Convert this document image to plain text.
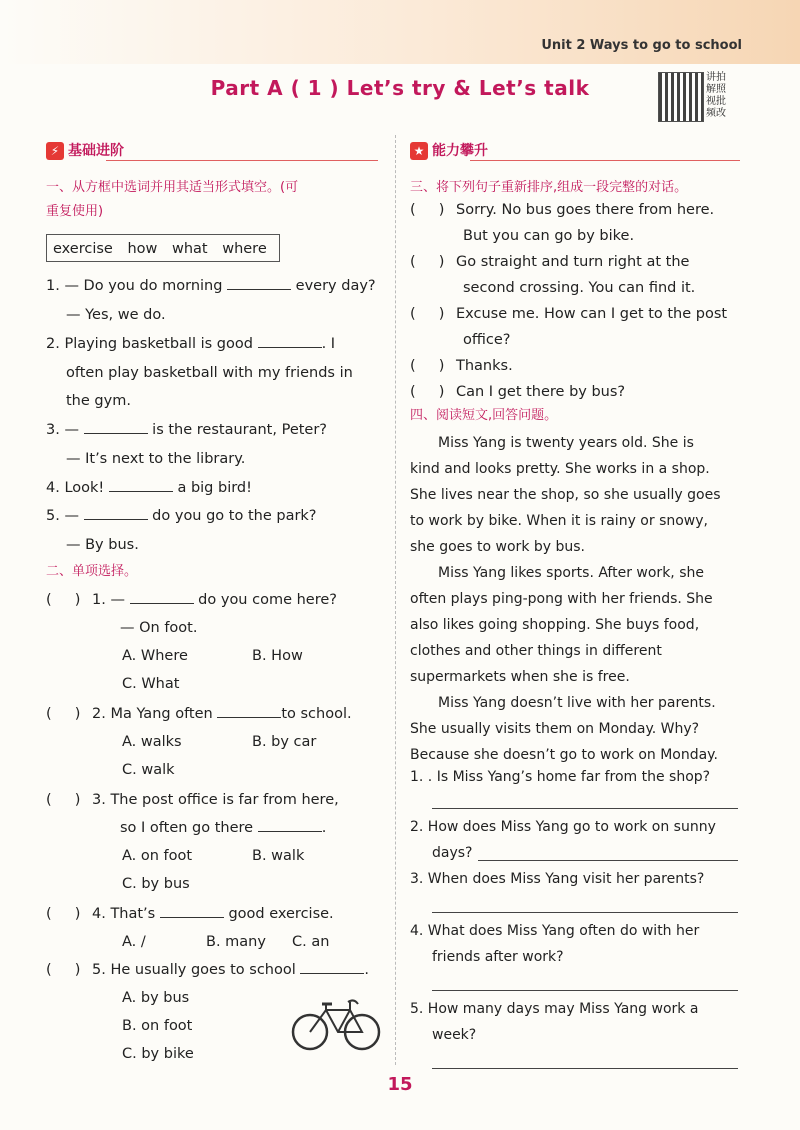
Unit 2 Ways to go to school
Part A ( 1 ) Let’s try & Let’s talk	讲拍
解照
视批
频改
⚡ 基础进阶
一、从方框中选词并用其适当形式填空。(可
重复使用)
exercise how what where
1. — Do you do morning	every day?
— Yes, we do.
2. Playing basketball is good	. I
often play basketball with my friends in
the gym.
3. —	is the restaurant, Peter?
— It’s next to the library.
4. Look!	a big bird!
5. —	do you go to the park?
— By bus.
二、单项选择。
(     ) 1. —	do you come here?
— On foot.
A. Where	B. How
C. What
(     ) 2. Ma Yang often	to school.
A. walks	B. by car
C. walk
(     ) 3. The post office is far from here,
so I often go there	.
A. on foot	B. walk
C. by bus
(     ) 4. That’s	good exercise.
A. /	B. many C. an
(     ) 5. He usually goes to school	.
A. by bus
B. on foot
C. by bike
★ 能力攀升
三、将下列句子重新排序,组成一段完整的对话。
(     ) Sorry. No bus goes there from here.
But you can go by bike.
(     ) Go straight and turn right at the
second crossing. You can find it.
(     ) Excuse me. How can I get to the post
office?
(     ) Thanks.
(     ) Can I get there by bus?
四、阅读短文,回答问题。
Miss Yang is twenty years old. She is
kind and looks pretty. She works in a shop.
She lives near the shop, so she usually goes
to work by bike. When it is rainy or snowy,
she goes to work by bus.
Miss Yang likes sports. After work, she
often plays ping-pong with her friends. She
also likes going shopping. She buys food,
clothes and other things in different
supermarkets when she is free.
Miss Yang doesn’t live with her parents.
She usually visits them on Monday. Why?
Because she doesn’t go to work on Monday.
1. . Is Miss Yang’s home far from the shop?
2. How does Miss Yang go to work on sunny
days?
3. When does Miss Yang visit her parents?
4. What does Miss Yang often do with her
friends after work?
5. How many days may Miss Yang work a
week?
15
